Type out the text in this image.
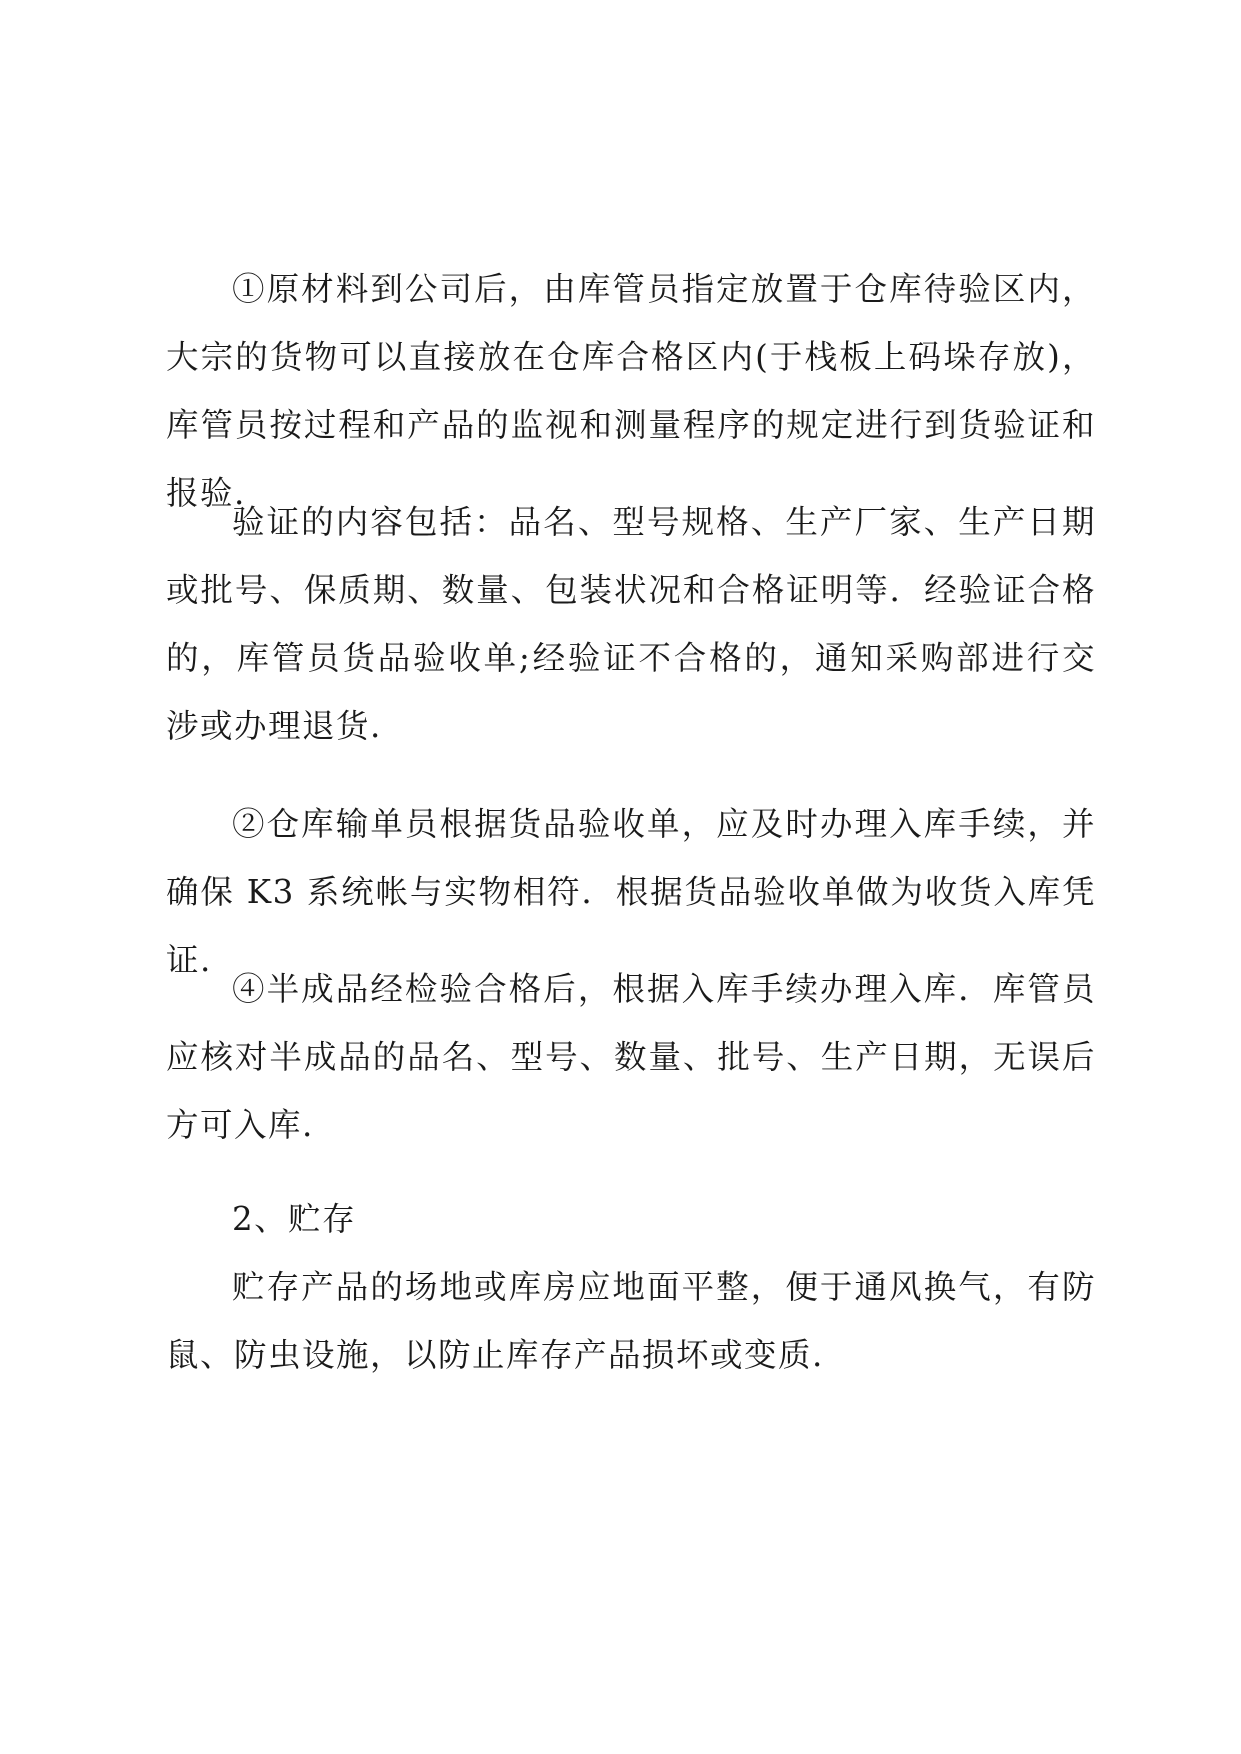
①原材料到公司后，由库管员指定放置于仓库待验区内，大宗的货物可以直接放在仓库合格区内(于栈板上码垛存放)，库管员按过程和产品的监视和测量程序的规定进行到货验证和报验.

验证的内容包括：品名、型号规格、生产厂家、生产日期或批号、保质期、数量、包装状况和合格证明等．经验证合格的，库管员货品验收单;经验证不合格的，通知采购部进行交涉或办理退货.

②仓库输单员根据货品验收单，应及时办理入库手续，并确保 K3 系统帐与实物相符．根据货品验收单做为收货入库凭证.

④半成品经检验合格后，根据入库手续办理入库．库管员应核对半成品的品名、型号、数量、批号、生产日期，无误后方可入库.

2、贮存

贮存产品的场地或库房应地面平整，便于通风换气，有防鼠、防虫设施，以防止库存产品损坏或变质.
